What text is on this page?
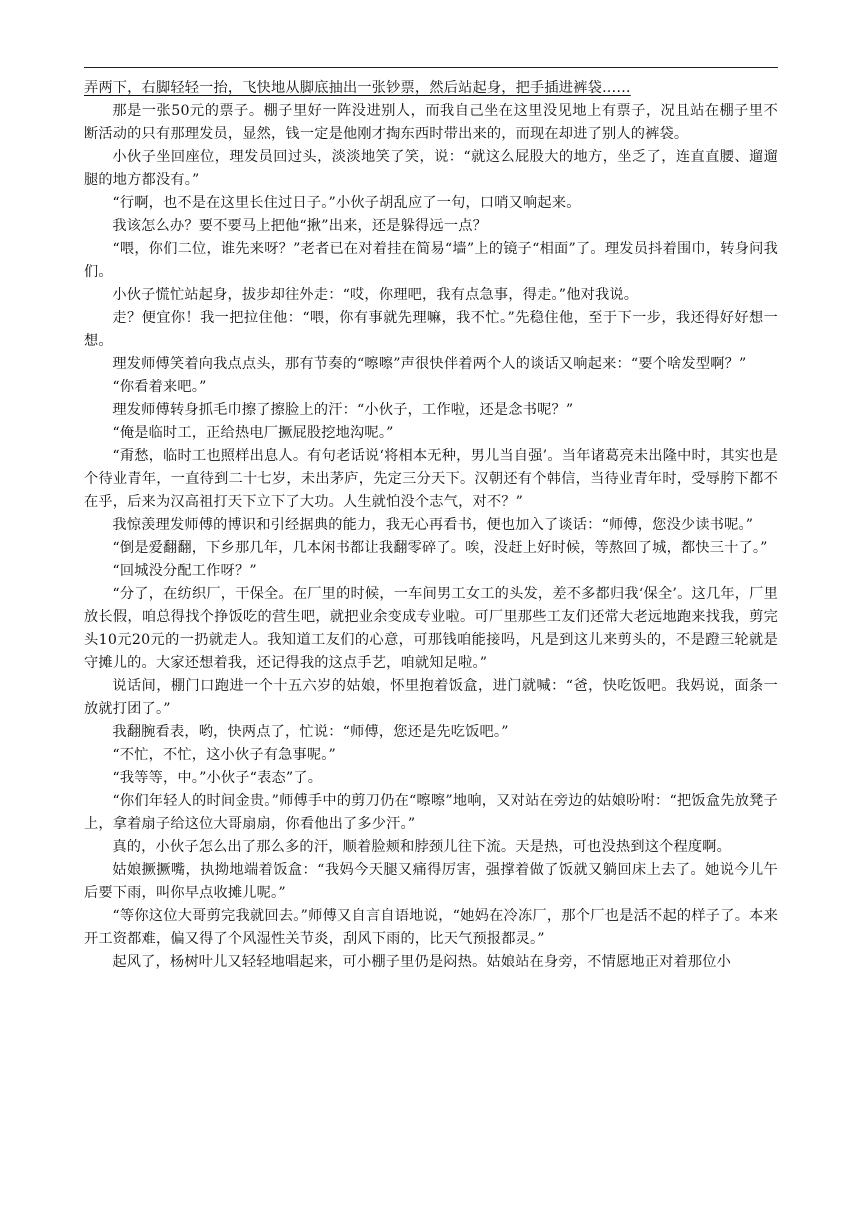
弄两下，右脚轻轻一抬，飞快地从脚底抽出一张钞票，然后站起身，把手插进裤袋……

那是一张50元的票子。棚子里好一阵没进别人，而我自己坐在这里没见地上有票子，况且站在棚子里不断活动的只有那理发员，显然，钱一定是他刚才掏东西时带出来的，而现在却进了别人的裤袋。

小伙子坐回座位，理发员回过头，淡淡地笑了笑，说：“就这么屁股大的地方，坐乏了，连直直腰、遛遛腿的地方都没有。”

“行啊，也不是在这里长住过日子。”小伙子胡乱应了一句，口哨又响起来。

我该怎么办？要不要马上把他“揪”出来，还是躲得远一点？

“喂，你们二位，谁先来呀？”老者已在对着挂在简易“墙”上的镜子“相面”了。理发员抖着围巾，转身问我们。

小伙子慌忙站起身，拔步却往外走：“哎，你理吧，我有点急事，得走。”他对我说。

走？便宜你！我一把拉住他：“喂，你有事就先理嘛，我不忙。”先稳住他，至于下一步，我还得好好想一想。

理发师傅笑着向我点点头，那有节奏的“嚓嚓”声很快伴着两个人的谈话又响起来：“要个啥发型啊？”

“你看着来吧。”

理发师傅转身抓毛巾擦了擦脸上的汗：“小伙子，工作啦，还是念书呢？”

“俺是临时工，正给热电厂撅屁股挖地沟呢。”

“甭愁，临时工也照样出息人。有句老话说‘将相本无种，男儿当自强’。当年诸葛亮未出隆中时，其实也是个待业青年，一直待到二十七岁，未出茅庐，先定三分天下。汉朝还有个韩信，当待业青年时，受辱胯下都不在乎，后来为汉高祖打天下立下了大功。人生就怕没个志气，对不？”

我惊羡理发师傅的博识和引经据典的能力，我无心再看书，便也加入了谈话：“师傅，您没少读书呢。”

“倒是爱翻翻，下乡那几年，几本闲书都让我翻零碎了。唉，没赶上好时候，等熬回了城，都快三十了。”

“回城没分配工作呀？”

“分了，在纺织厂，干保全。在厂里的时候，一车间男工女工的头发，差不多都归我‘保全’。这几年，厂里放长假，咱总得找个挣饭吃的营生吧，就把业余变成专业啦。可厂里那些工友们还常大老远地跑来找我，剪完头10元20元的一扔就走人。我知道工友们的心意，可那钱咱能接吗，凡是到这儿来剪头的，不是蹬三轮就是守摊儿的。大家还想着我，还记得我的这点手艺，咱就知足啦。”

说话间，棚门口跑进一个十五六岁的姑娘，怀里抱着饭盒，进门就喊：“爸，快吃饭吧。我妈说，面条一放就打团了。”

我翻腕看表，哟，快两点了，忙说：“师傅，您还是先吃饭吧。”

“不忙，不忙，这小伙子有急事呢。”

“我等等，中。”小伙子“表态”了。

“你们年轻人的时间金贵。”师傅手中的剪刀仍在“嚓嚓”地响，又对站在旁边的姑娘吩咐：“把饭盒先放凳子上，拿着扇子给这位大哥扇扇，你看他出了多少汗。”

真的，小伙子怎么出了那么多的汗，顺着脸颊和脖颈儿往下流。天是热，可也没热到这个程度啊。

姑娘撅撅嘴，执拗地端着饭盒：“我妈今天腿又痛得厉害，强撑着做了饭就又躺回床上去了。她说今儿午后要下雨，叫你早点收摊儿呢。”

“等你这位大哥剪完我就回去。”师傅又自言自语地说，“她妈在冷冻厂，那个厂也是活不起的样子了。本来开工资都难，偏又得了个风湿性关节炎，刮风下雨的，比天气预报都灵。”

起风了，杨树叶儿又轻轻地唱起来，可小棚子里仍是闷热。姑娘站在身旁，不情愿地正对着那位小
